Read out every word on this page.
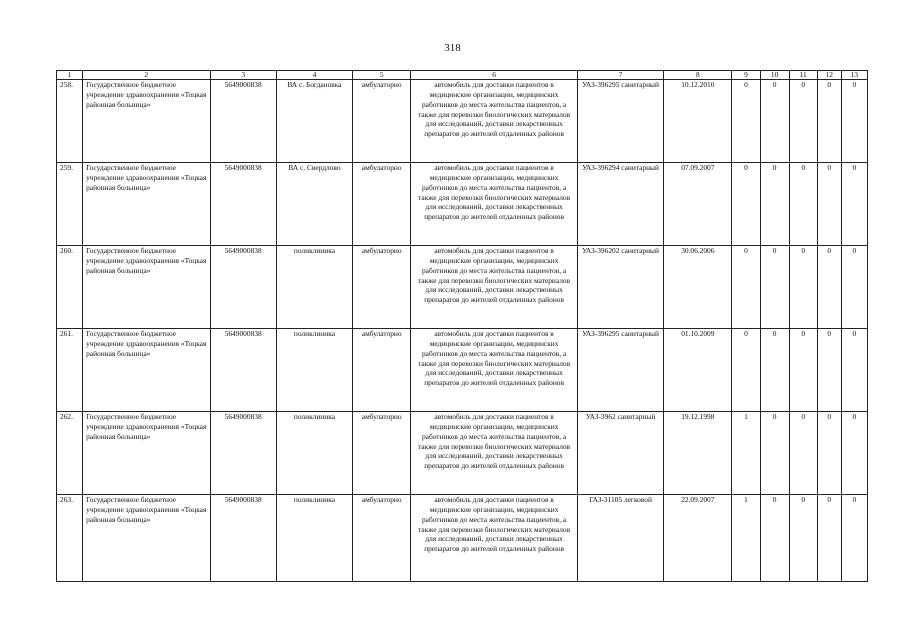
318
1	2	3	4	5	6	7	8	9	10	11	12	13
258.	Государственное бюджетное учреждение здравоохранения «Тоцкая районная больница»	5649000838	ВА с. Богдановка	амбулаторно	автомобиль для доставки пациентов в медицинские организации, медицинских работников до места жительства пациентов, а также для перевозки биологических материалов для исследований, доставки лекарственных препаратов до жителей отдаленных районов	УАЗ-396295 санитарный	10.12.2010	0	0	0	0	0
259.	Государственное бюджетное учреждение здравоохранения «Тоцкая районная больница»	5649000838	ВА с. Свердлово	амбулаторно	автомобиль для доставки пациентов в медицинские организации, медицинских работников до места жительства пациентов, а также для перевозки биологических материалов для исследований, доставки лекарственных препаратов до жителей отдаленных районов	УАЗ-396294 санитарный	07.09.2007	0	0	0	0	0
260.	Государственное бюджетное учреждение здравоохранения «Тоцкая районная больница»	5649000838	поликлиника	амбулаторно	автомобиль для доставки пациентов в медицинские организации, медицинских работников до места жительства пациентов, а также для перевозки биологических материалов для исследований, доставки лекарственных препаратов до жителей отдаленных районов	УАЗ-396202 санитарный	30.06.2006	0	0	0	0	0
261.	Государственное бюджетное учреждение здравоохранения «Тоцкая районная больница»	5649000838	поликлиника	амбулаторно	автомобиль для доставки пациентов в медицинские организации, медицинских работников до места жительства пациентов, а также для перевозки биологических материалов для исследований, доставки лекарственных препаратов до жителей отдаленных районов	УАЗ-396295 санитарный	01.10.2009	0	0	0	0	0
262.	Государственное бюджетное учреждение здравоохранения «Тоцкая районная больница»	5649000838	поликлиника	амбулаторно	автомобиль для доставки пациентов в медицинские организации, медицинских работников до места жительства пациентов, а также для перевозки биологических материалов для исследований, доставки лекарственных препаратов до жителей отдаленных районов	УАЗ-3962 санитарный	19.12.1998	1	0	0	0	0
263.	Государственное бюджетное учреждение здравоохранения «Тоцкая районная больница»	5649000838	поликлиника	амбулаторно	автомобиль для доставки пациентов в медицинские организации, медицинских работников до места жительства пациентов, а также для перевозки биологических материалов для исследований, доставки лекарственных препаратов до жителей отдаленных районов	ГАЗ-31105 легковой	22.09.2007	1	0	0	0	0
